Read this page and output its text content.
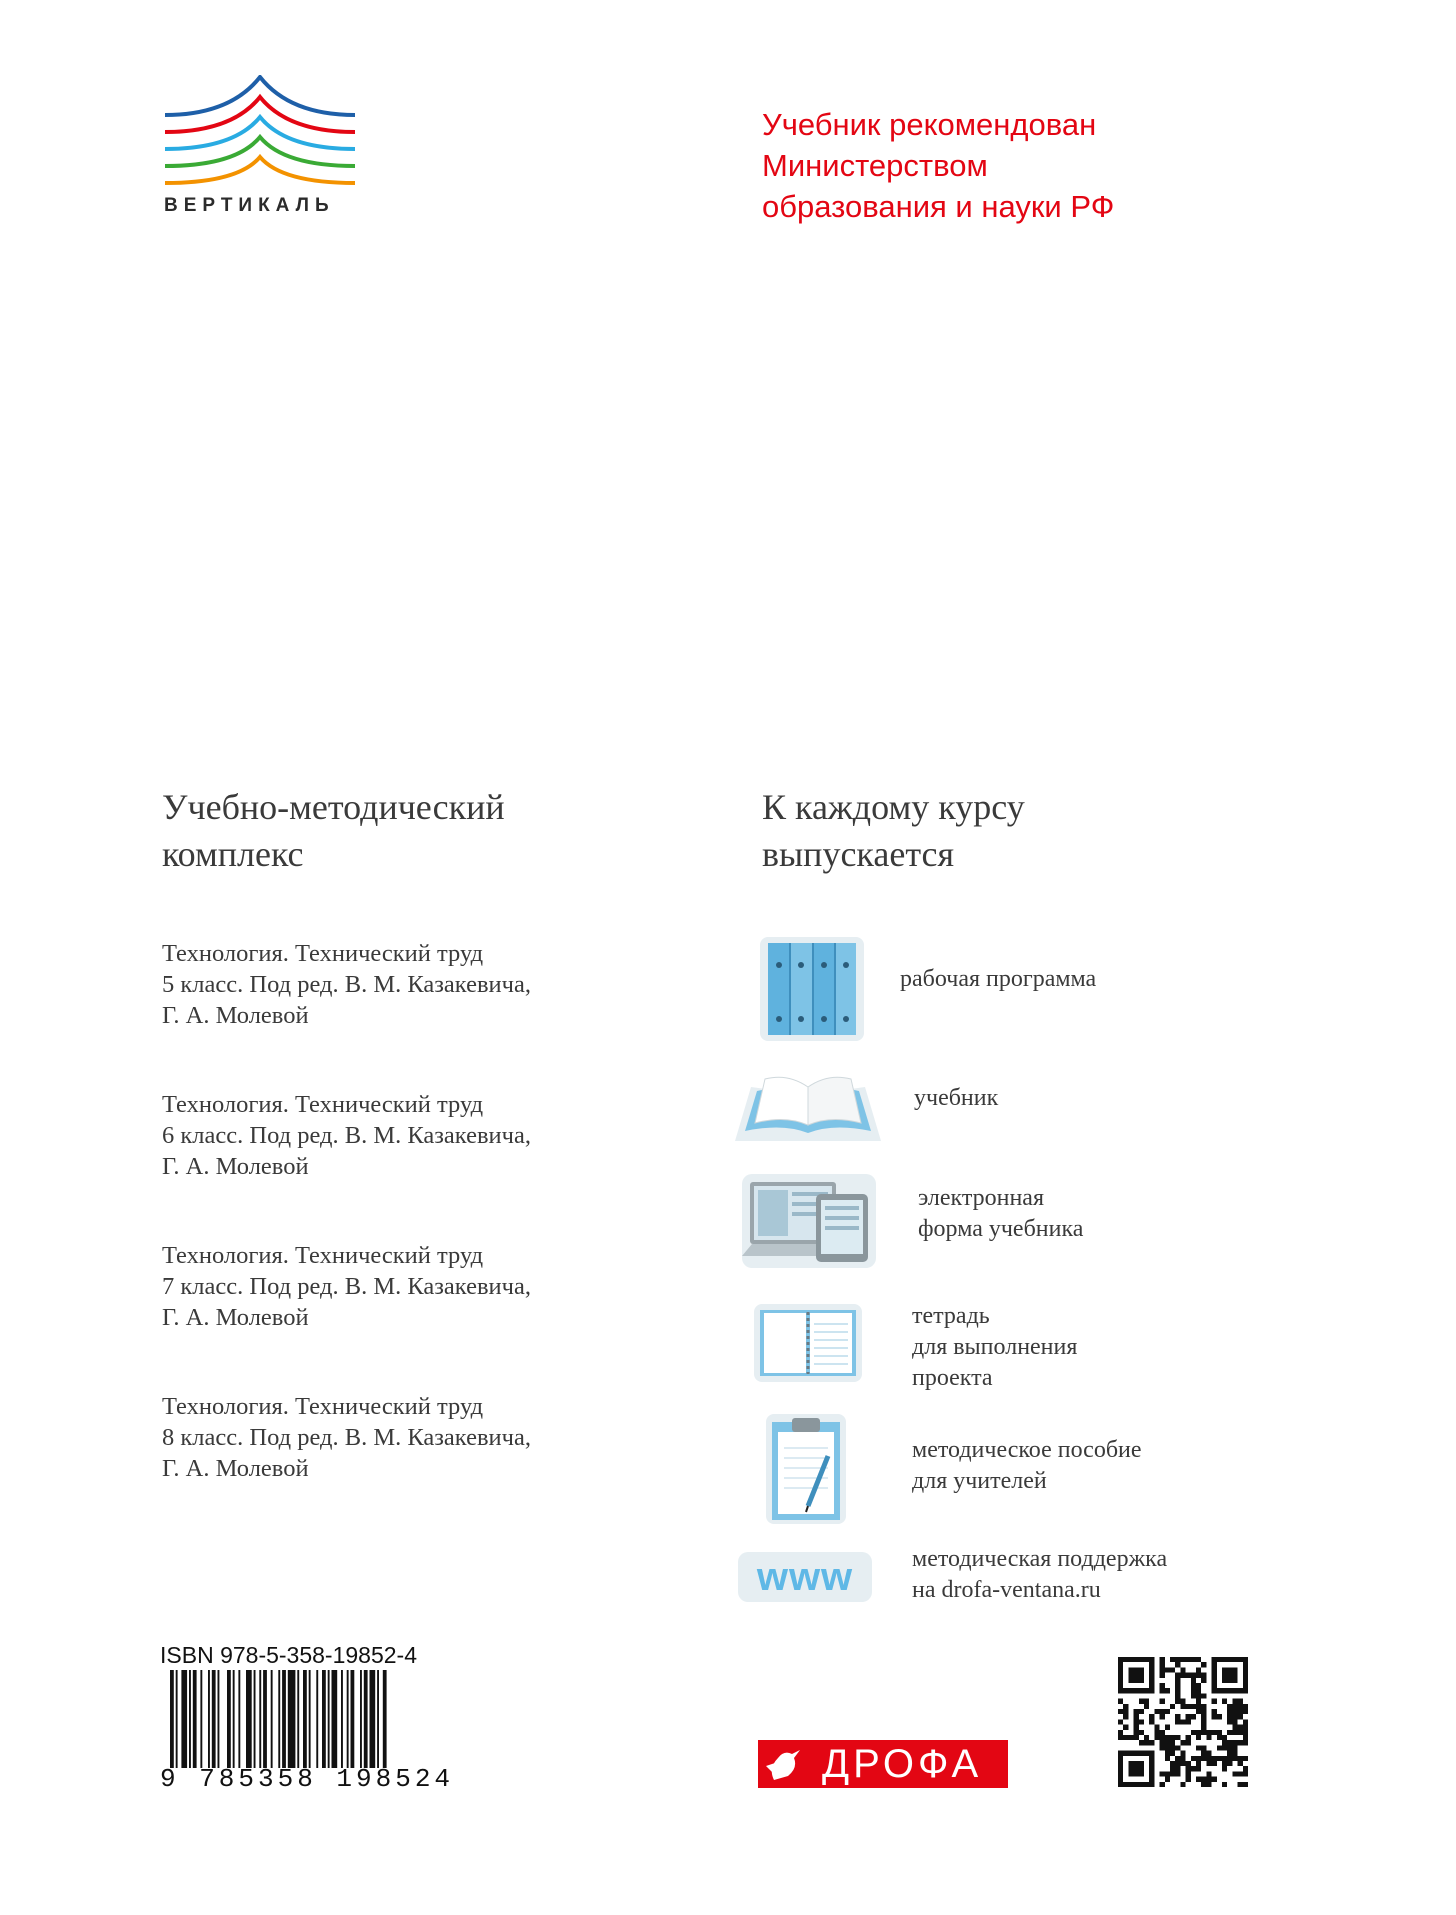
ВЕРТИКАЛЬ
Учебник рекомендован
Министерством
образования и науки РФ
Учебно-методический
комплекс
Технология. Технический труд
5 класс. Под ред. В. М. Казакевича,
Г. А. Молевой
Технология. Технический труд
6 класс. Под ред. В. М. Казакевича,
Г. А. Молевой
Технология. Технический труд
7 класс. Под ред. В. М. Казакевича,
Г. А. Молевой
Технология. Технический труд
8 класс. Под ред. В. М. Казакевича,
Г. А. Молевой
К каждому курсу
выпускается
рабочая программа
учебник
электронная
форма учебника
тетрадь
для выполнения
проекта
методическое пособие
для учителей
www методическая поддержка
на drofa-ventana.ru
ISBN 978-5-358-19852-4
9 785358 198524	ДРОФА
